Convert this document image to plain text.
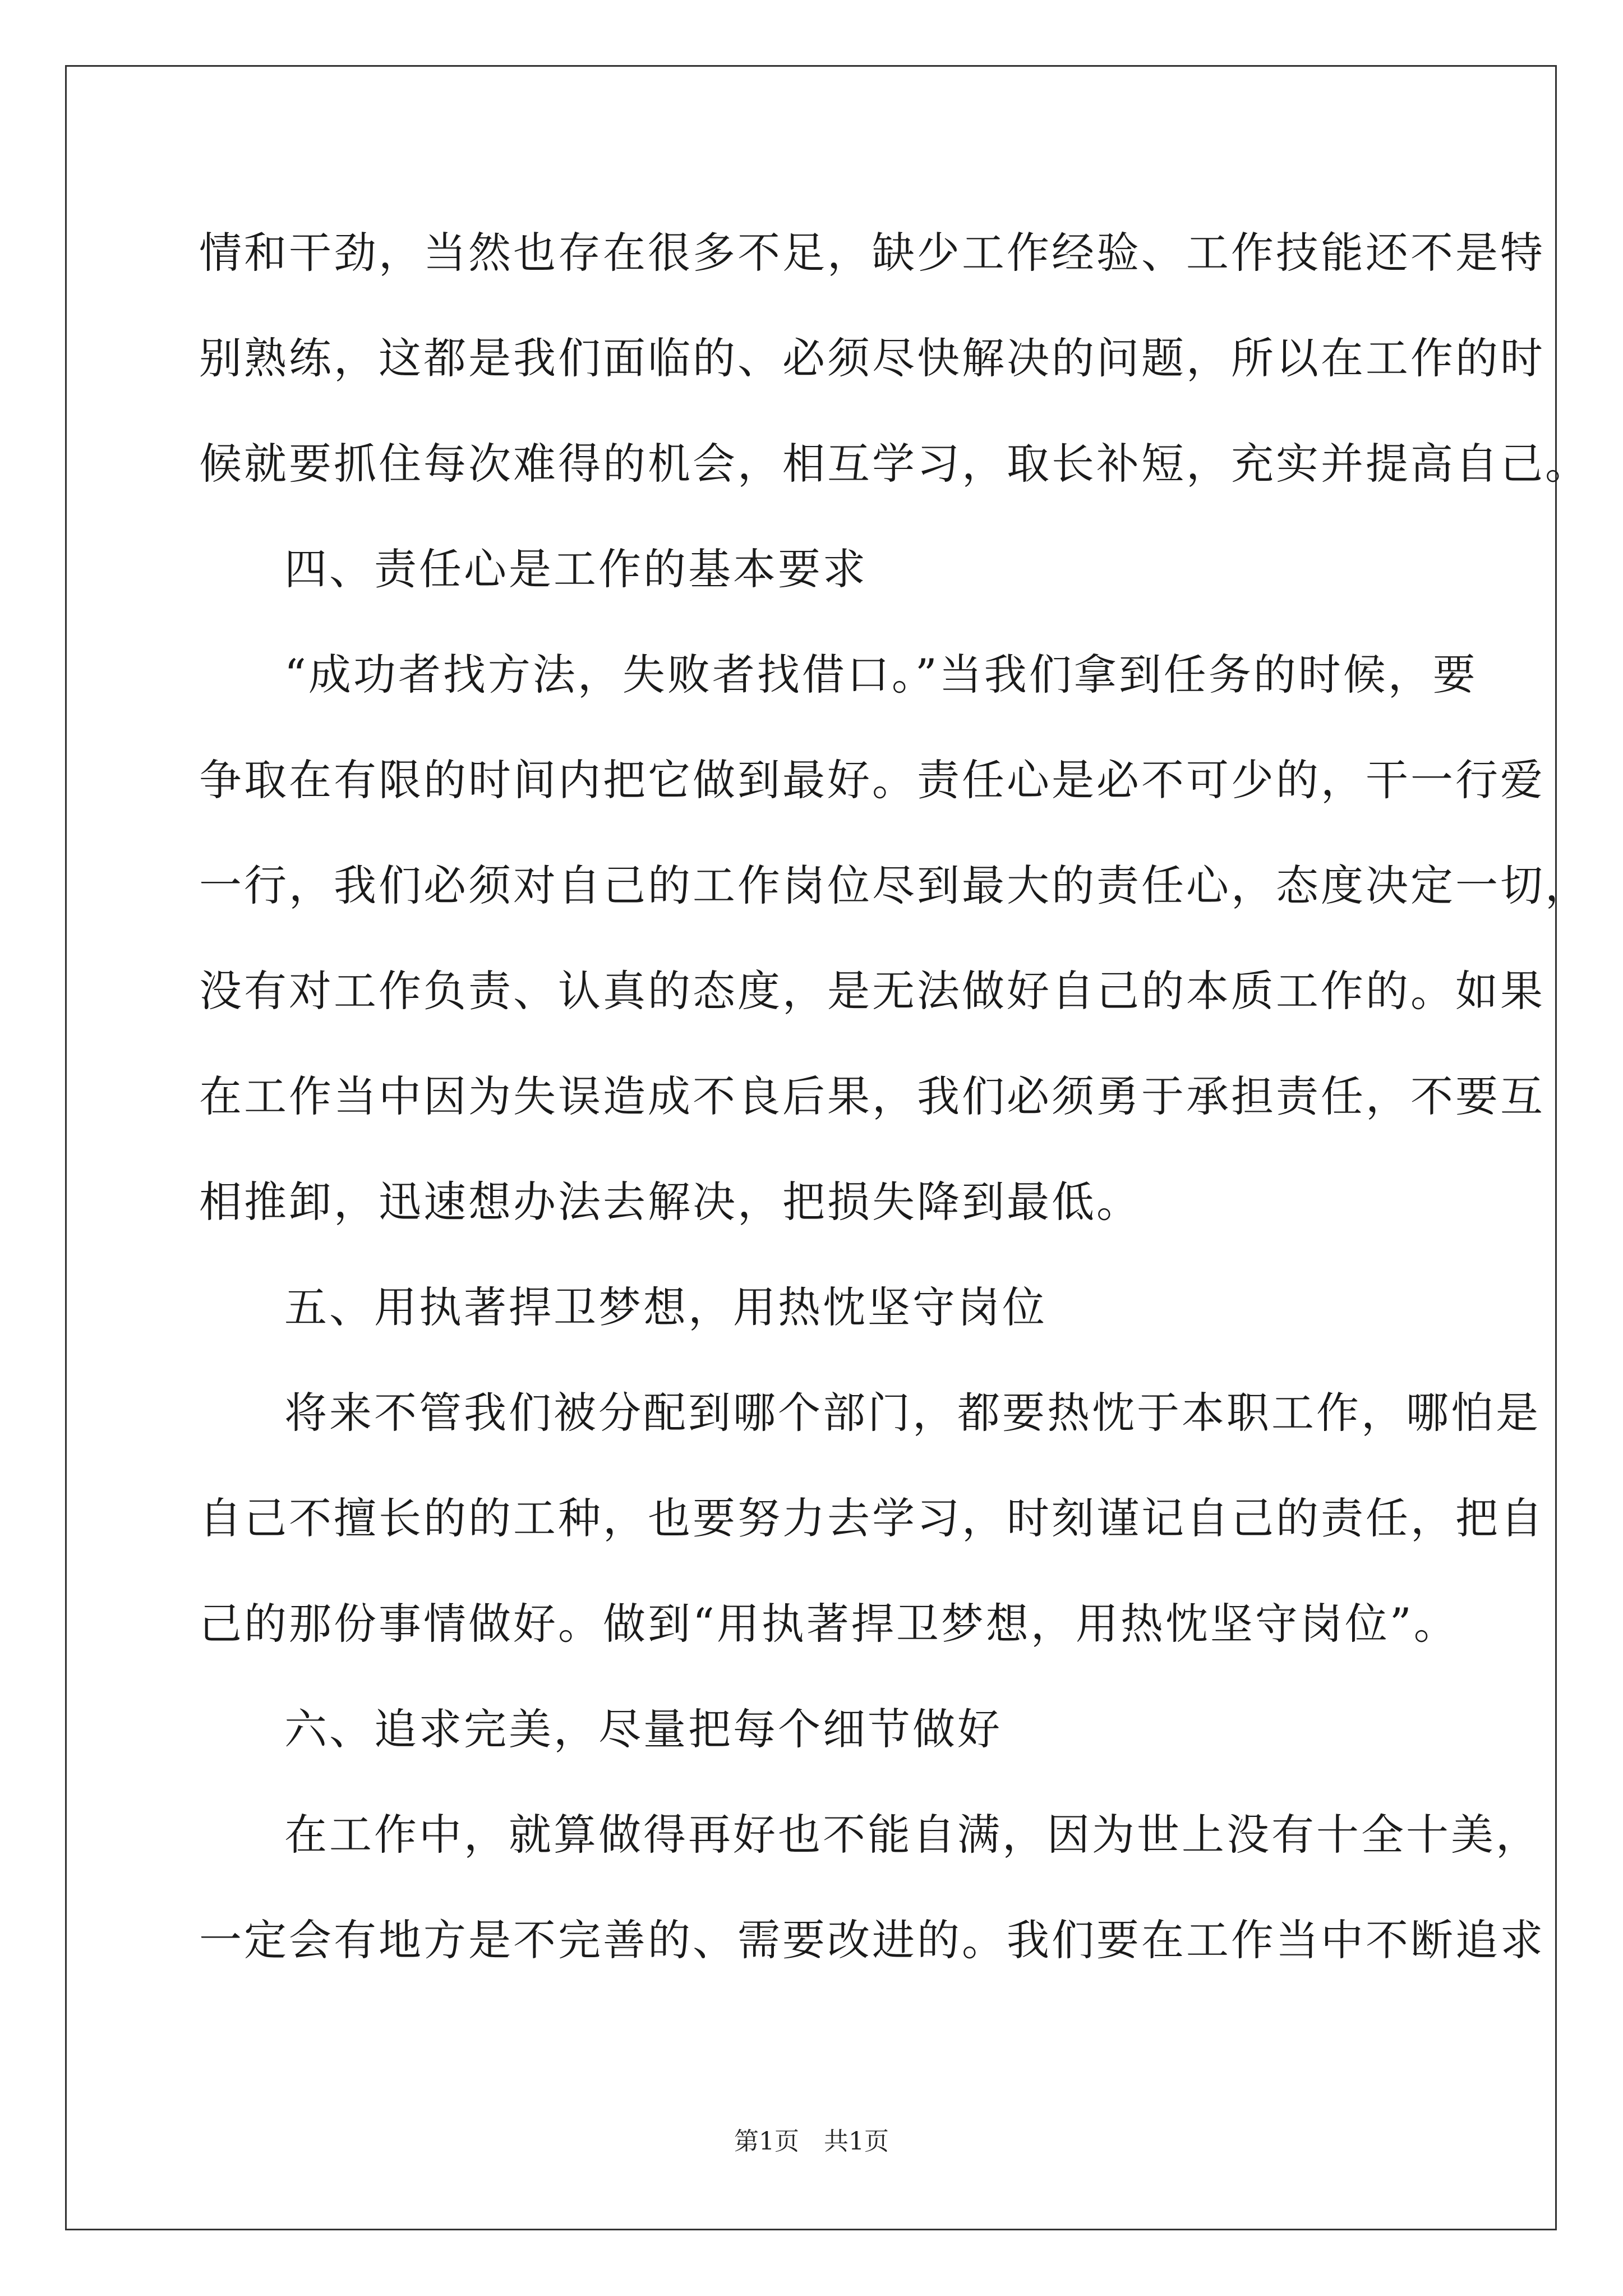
情和干劲，当然也存在很多不足，缺少工作经验、工作技能还不是特
别熟练，这都是我们面临的、必须尽快解决的问题，所以在工作的时
候就要抓住每次难得的机会，相互学习，取长补短，充实并提高自己。
四、责任心是工作的基本要求
“成功者找方法，失败者找借口。”当我们拿到任务的时候，要
争取在有限的时间内把它做到最好。责任心是必不可少的，干一行爱
一行，我们必须对自己的工作岗位尽到最大的责任心，态度决定一切，
没有对工作负责、认真的态度，是无法做好自己的本质工作的。如果
在工作当中因为失误造成不良后果，我们必须勇于承担责任，不要互
相推卸，迅速想办法去解决，把损失降到最低。
五、用执著捍卫梦想，用热忱坚守岗位
将来不管我们被分配到哪个部门，都要热忱于本职工作，哪怕是
自己不擅长的的工种，也要努力去学习，时刻谨记自己的责任，把自
己的那份事情做好。做到“用执著捍卫梦想，用热忱坚守岗位”。
六、追求完美，尽量把每个细节做好
在工作中，就算做得再好也不能自满，因为世上没有十全十美，
一定会有地方是不完善的、需要改进的。我们要在工作当中不断追求
第1页　共1页
